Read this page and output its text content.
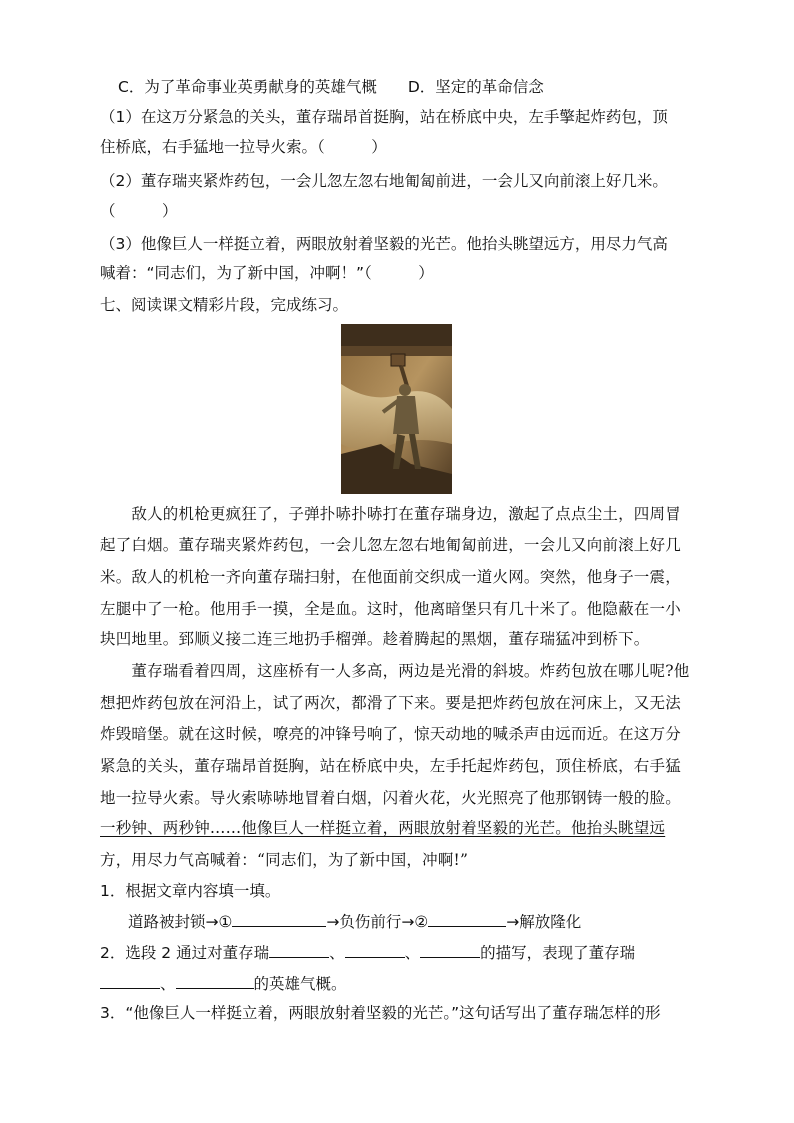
C．为了革命事业英勇献身的英雄气概　　D．坚定的革命信念
（1）在这万分紧急的关头，董存瑞昂首挺胸，站在桥底中央，左手擎起炸药包，顶
住桥底，右手猛地一拉导火索。（　　　）
（2）董存瑞夹紧炸药包，一会儿忽左忽右地匍匐前进，一会儿又向前滚上好几米。
（　　　）
（3）他像巨人一样挺立着，两眼放射着坚毅的光芒。他抬头眺望远方，用尽力气高
喊着：“同志们，为了新中国，冲啊！”（　　　）
七、阅读课文精彩片段，完成练习。
　　敌人的机枪更疯狂了，子弹扑哧扑哧打在董存瑞身边，激起了点点尘土，四周冒
起了白烟。董存瑞夹紧炸药包，一会儿忽左忽右地匍匐前进，一会儿又向前滚上好几
米。敌人的机枪一齐向董存瑞扫射，在他面前交织成一道火网。突然，他身子一震，
左腿中了一枪。他用手一摸，全是血。这时，他离暗堡只有几十米了。他隐蔽在一小
块凹地里。郅顺义接二连三地扔手榴弹。趁着腾起的黑烟，董存瑞猛冲到桥下。
　　董存瑞看着四周，这座桥有一人多高，两边是光滑的斜坡。炸药包放在哪儿呢?他
想把炸药包放在河沿上，试了两次，都滑了下来。要是把炸药包放在河床上，又无法
炸毁暗堡。就在这时候，嘹亮的冲锋号响了，惊天动地的喊杀声由远而近。在这万分
紧急的关头，董存瑞昂首挺胸，站在桥底中央，左手托起炸药包，顶住桥底，右手猛
地一拉导火索。导火索哧哧地冒着白烟，闪着火花，火光照亮了他那钢铸一般的脸。
一秒钟、两秒钟……他像巨人一样挺立着，两眼放射着坚毅的光芒。他抬头眺望远
方，用尽力气高喊着：“同志们，为了新中国，冲啊!”
1．根据文章内容填一填。
道路被封锁→①	→负伤前行→②	→解放隆化
2．选段 2 通过对董存瑞	、	、	的描写，表现了董存瑞
、	的英雄气概。
3．“他像巨人一样挺立着，两眼放射着坚毅的光芒。”这句话写出了董存瑞怎样的形
